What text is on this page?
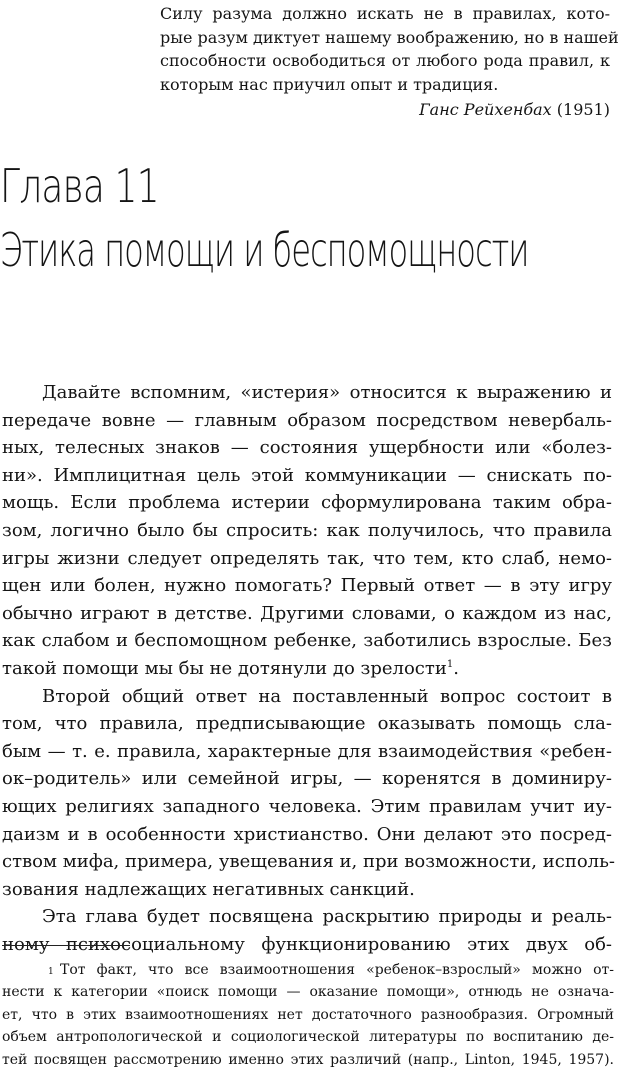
Силу разума должно искать не в правилах, кото-
рые разум диктует нашему воображению, но в нашей
способности освободиться от любого рода правил, к
которым нас приучил опыт и традиция.
Ганс Рейхенбах (1951)
Глава 11
Этика помощи и беспомощности
Давайте вспомним, «истерия» относится к выражению и
передаче вовне — главным образом посредством невербаль-
ных, телесных знаков — состояния ущербности или «болез-
ни». Имплицитная цель этой коммуникации — снискать по-
мощь. Если проблема истерии сформулирована таким обра-
зом, логично было бы спросить: как получилось, что правила
игры жизни следует определять так, что тем, кто слаб, немо-
щен или болен, нужно помогать? Первый ответ — в эту игру
обычно играют в детстве. Другими словами, о каждом из нас,
как слабом и беспомощном ребенке, заботились взрослые. Без
такой помощи мы бы не дотянули до зрелости$^1$.
Второй общий ответ на поставленный вопрос состоит в
том, что правила, предписывающие оказывать помощь сла-
бым — т. е. правила, характерные для взаимодействия «ребен-
ок–родитель» или семейной игры, — коренятся в доминиру-
ющих религиях западного человека. Этим правилам учит иу-
даизм и в особенности христианство. Они делают это посред-
ством мифа, примера, увещевания и, при возможности, исполь-
зования надлежащих негативных санкций.
Эта глава будет посвящена раскрытию природы и реаль-
ному психосоциальному функционированию этих двух об-
1 Тот факт, что все взаимоотношения «ребенок–взрослый» можно от-
нести к категории «поиск помощи — оказание помощи», отнюдь не означа-
ет, что в этих взаимоотношениях нет достаточного разнообразия. Огромный
объем антропологической и социологической литературы по воспитанию де-
тей посвящен рассмотрению именно этих различий (напр., Linton, 1945, 1957).
